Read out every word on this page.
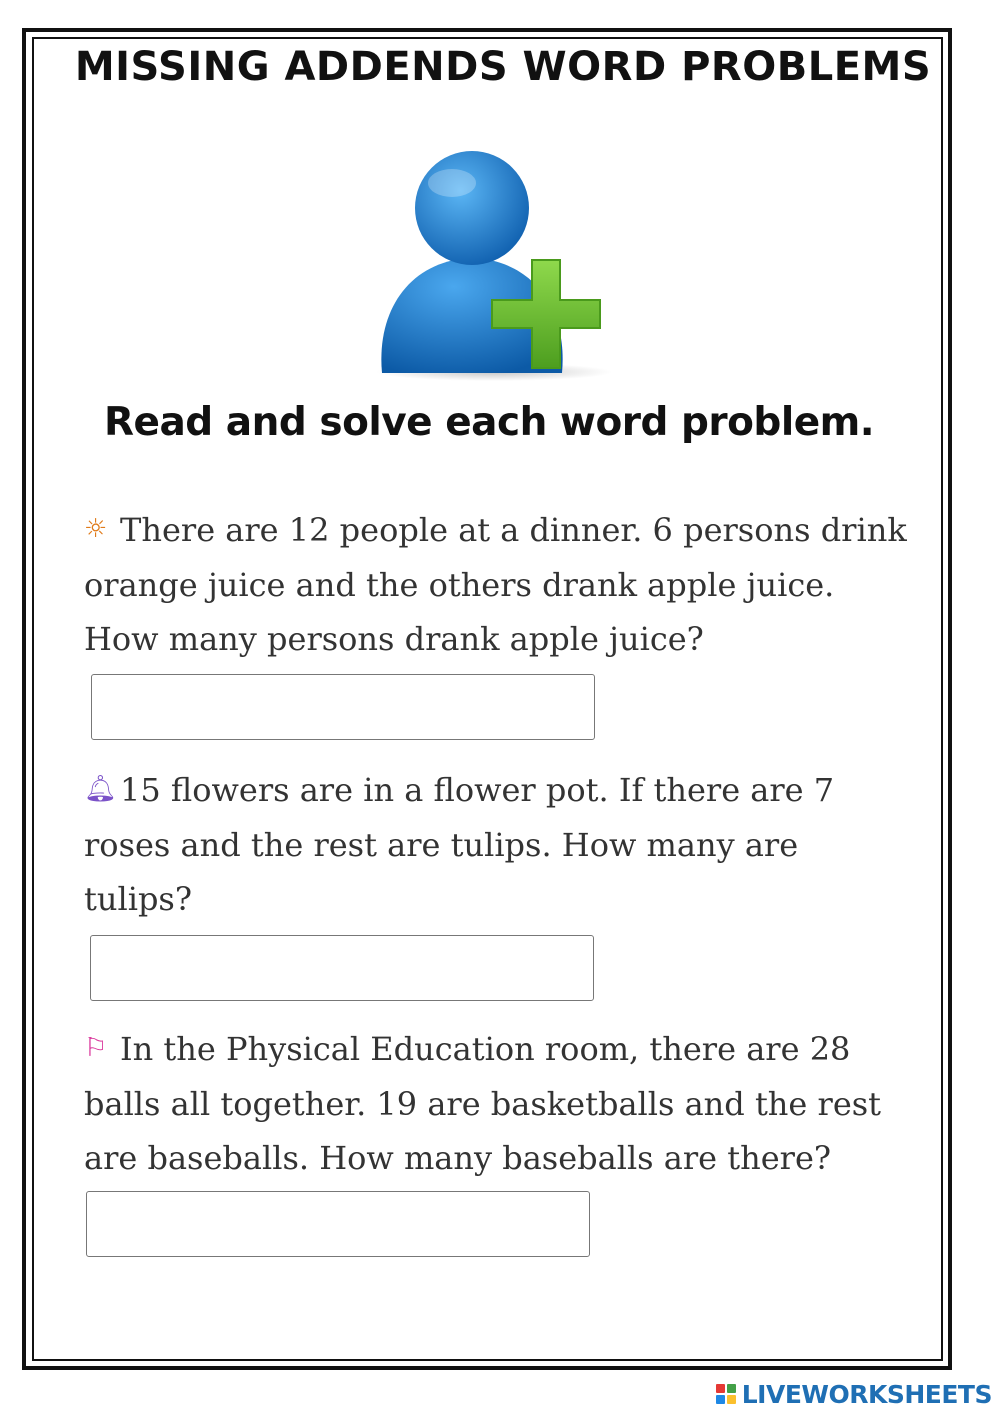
MISSING ADDENDS WORD PROBLEMS
Read and solve each word problem.

☼ There are 12 people at a dinner. 6 persons drink orange juice and the others drank apple juice. How many persons drank apple juice?

🔔︎15 flowers are in a flower pot. If there are 7 roses and the rest are tulips. How many are tulips?

⚐ In the Physical Education room, there are 28 balls all together. 19 are basketballs and the rest are baseballs. How many baseballs are there?

LIVEWORKSHEETS
